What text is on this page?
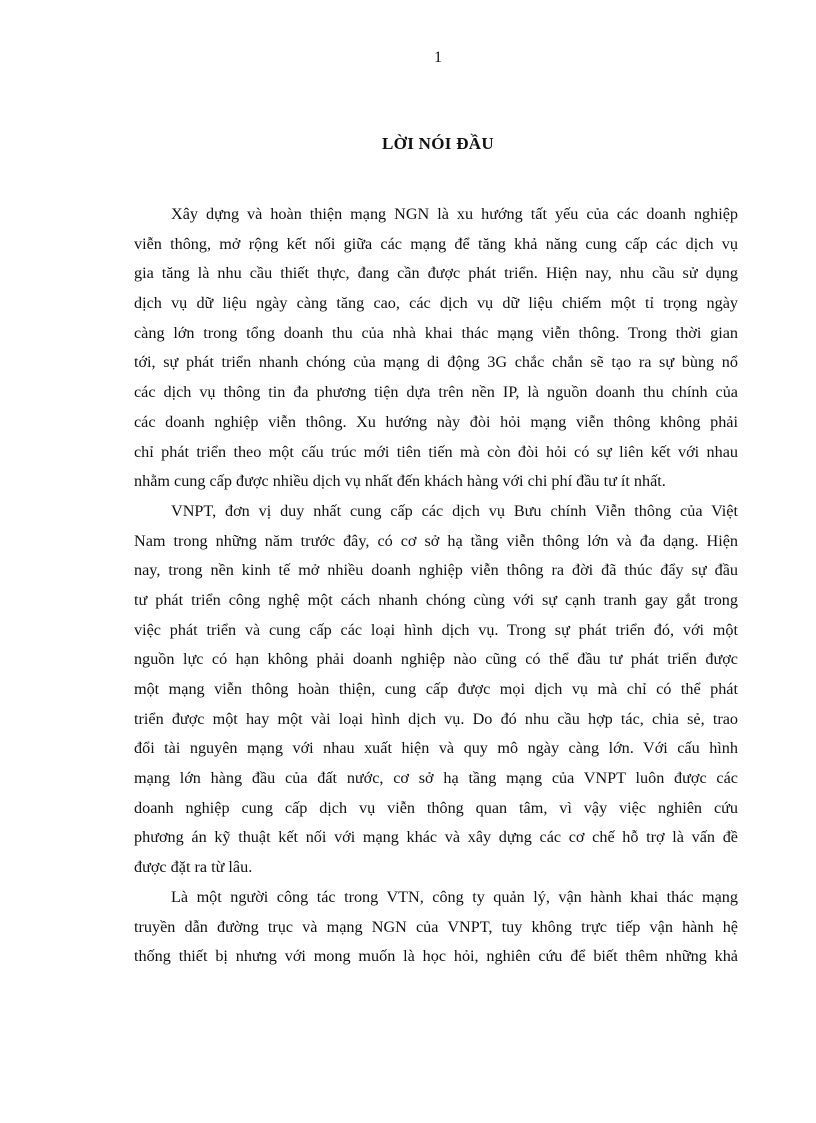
1
LỜI NÓI ĐẦU
Xây dựng và hoàn thiện mạng NGN là xu hướng tất yếu của các doanh nghiệp
viễn thông, mở rộng kết nối giữa các mạng để tăng khả năng cung cấp các dịch vụ
gia tăng là nhu cầu thiết thực, đang cần được phát triển. Hiện nay, nhu cầu sử dụng
dịch vụ dữ liệu ngày càng tăng cao, các dịch vụ dữ liệu chiếm một tỉ trọng ngày
càng lớn trong tổng doanh thu của nhà khai thác mạng viễn thông. Trong thời gian
tới, sự phát triển nhanh chóng của mạng di động 3G chắc chắn sẽ tạo ra sự bùng nổ
các dịch vụ thông tin đa phương tiện dựa trên nền IP, là nguồn doanh thu chính của
các doanh nghiệp viễn thông. Xu hướng này đòi hỏi mạng viễn thông không phải
chỉ phát triển theo một cấu trúc mới tiên tiến mà còn đòi hỏi có sự liên kết với nhau
nhằm cung cấp được nhiều dịch vụ nhất đến khách hàng với chi phí đầu tư ít nhất.
VNPT, đơn vị duy nhất cung cấp các dịch vụ Bưu chính Viễn thông của Việt
Nam trong những năm trước đây, có cơ sở hạ tầng viễn thông lớn và đa dạng. Hiện
nay, trong nền kinh tế mở nhiều doanh nghiệp viễn thông ra đời đã thúc đẩy sự đầu
tư phát triển công nghệ một cách nhanh chóng cùng với sự cạnh tranh gay gắt trong
việc phát triển và cung cấp các loại hình dịch vụ. Trong sự phát triển đó, với một
nguồn lực có hạn không phải doanh nghiệp nào cũng có thể đầu tư phát triển được
một mạng viễn thông hoàn thiện, cung cấp được mọi dịch vụ mà chỉ có thể phát
triển được một hay một vài loại hình dịch vụ. Do đó nhu cầu hợp tác, chia sẻ, trao
đổi tài nguyên mạng với nhau xuất hiện và quy mô ngày càng lớn. Với cấu hình
mạng lớn hàng đầu của đất nước, cơ sở hạ tầng mạng của VNPT luôn được các
doanh nghiệp cung cấp dịch vụ viễn thông quan tâm, vì vậy việc nghiên cứu
phương án kỹ thuật kết nối với mạng khác và xây dựng các cơ chế hỗ trợ là vấn đề
được đặt ra từ lâu.
Là một người công tác trong VTN, công ty quản lý, vận hành khai thác mạng
truyền dẫn đường trục và mạng NGN của VNPT, tuy không trực tiếp vận hành hệ
thống thiết bị nhưng với mong muốn là học hỏi, nghiên cứu để biết thêm những khả
